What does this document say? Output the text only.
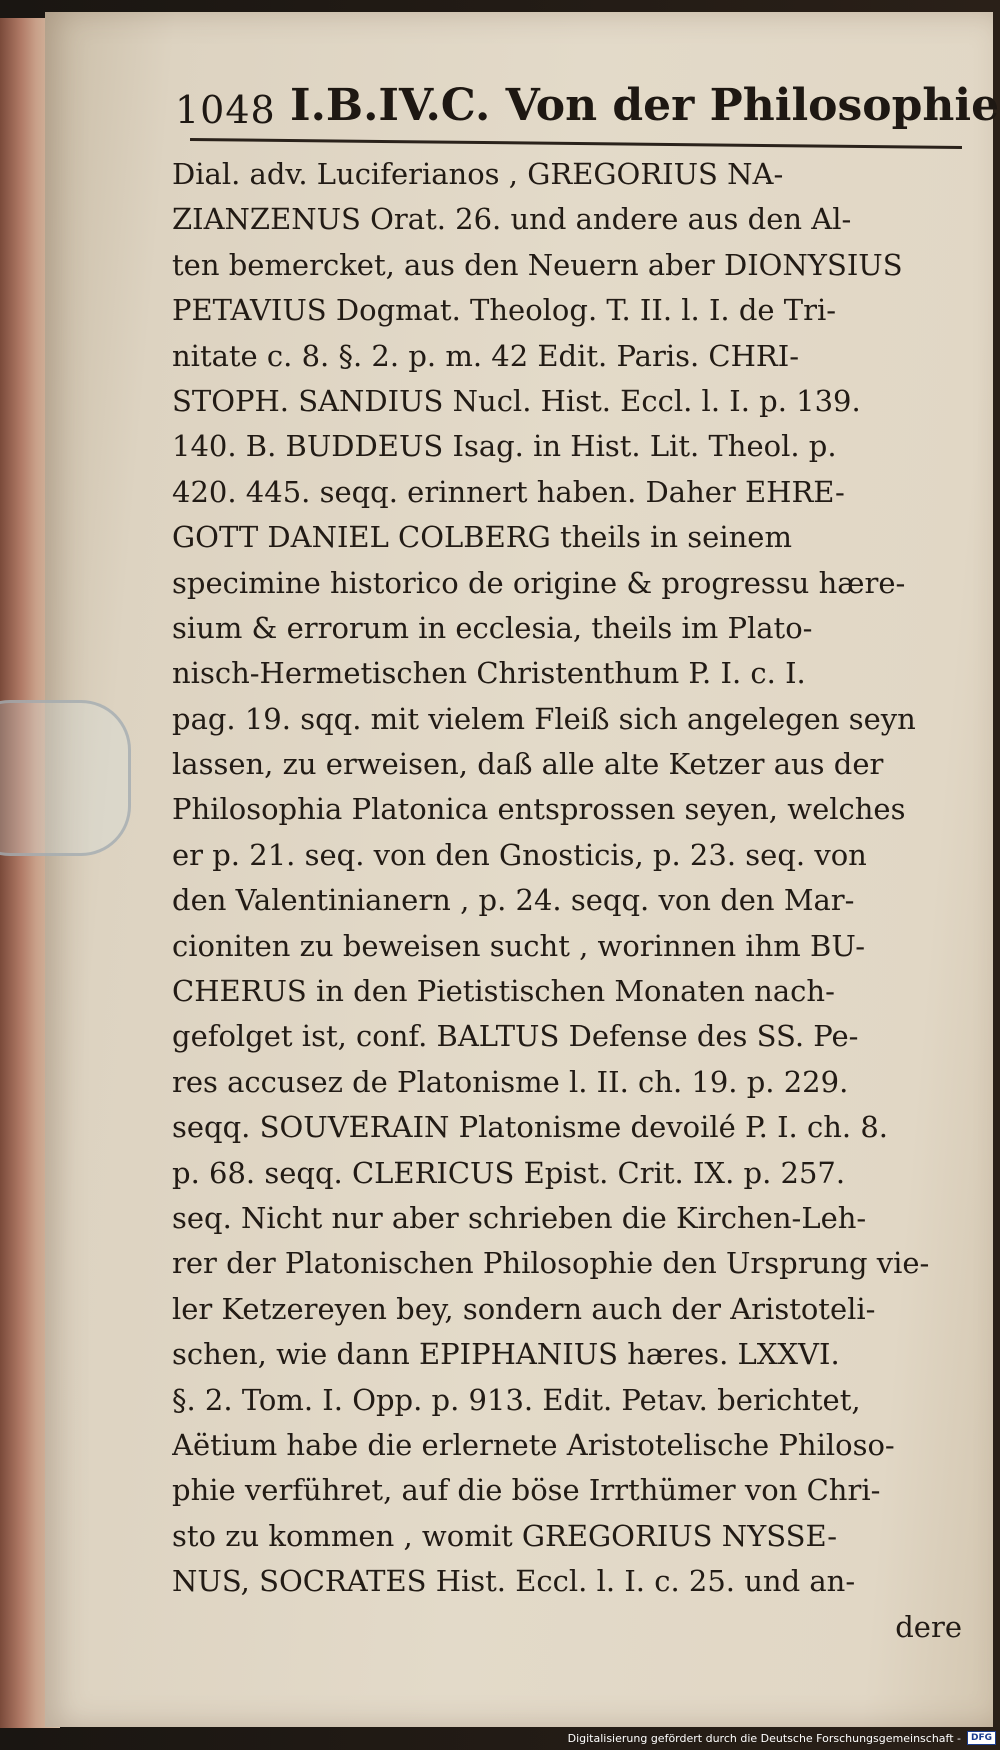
1048 I.B.IV.C. Von der Philosophie
Dial. adv. Luciferianos , GREGORIUS NA-
ZIANZENUS Orat. 26. und andere aus den Al-
ten bemercket, aus den Neuern aber DIONYSIUS
PETAVIUS Dogmat. Theolog. T. II. l. I. de Tri-
nitate c. 8. §. 2. p. m. 42 Edit. Paris. CHRI-
STOPH. SANDIUS Nucl. Hist. Eccl. l. I. p. 139.
140. B. BUDDEUS Isag. in Hist. Lit. Theol. p.
420. 445. seqq. erinnert haben. Daher EHRE-
GOTT DANIEL COLBERG theils in seinem
specimine historico de origine & progressu hære-
sium & errorum in ecclesia, theils im Plato-
nisch-Hermetischen Christenthum P. I. c. I.
pag. 19. sqq. mit vielem Fleiß sich angelegen seyn
lassen, zu erweisen, daß alle alte Ketzer aus der
Philosophia Platonica entsprossen seyen, welches
er p. 21. seq. von den Gnosticis, p. 23. seq. von
den Valentinianern , p. 24. seqq. von den Mar-
cioniten zu beweisen sucht , worinnen ihm BU-
CHERUS in den Pietistischen Monaten nach-
gefolget ist, conf. BALTUS Defense des SS. Pe-
res accusez de Platonisme l. II. ch. 19. p. 229.
seqq. SOUVERAIN Platonisme devoilé P. I. ch. 8.
p. 68. seqq. CLERICUS Epist. Crit. IX. p. 257.
seq. Nicht nur aber schrieben die Kirchen-Leh-
rer der Platonischen Philosophie den Ursprung vie-
ler Ketzereyen bey, sondern auch der Aristoteli-
schen, wie dann EPIPHANIUS hæres. LXXVI.
§. 2. Tom. I. Opp. p. 913. Edit. Petav. berichtet,
Aëtium habe die erlernete Aristotelische Philoso-
phie verführet, auf die böse Irrthümer von Chri-
sto zu kommen , womit GREGORIUS NYSSE-
NUS, SOCRATES Hist. Eccl. l. I. c. 25. und an-
dere
Digitalisierung gefördert durch die Deutsche Forschungsgemeinschaft -	DFG
